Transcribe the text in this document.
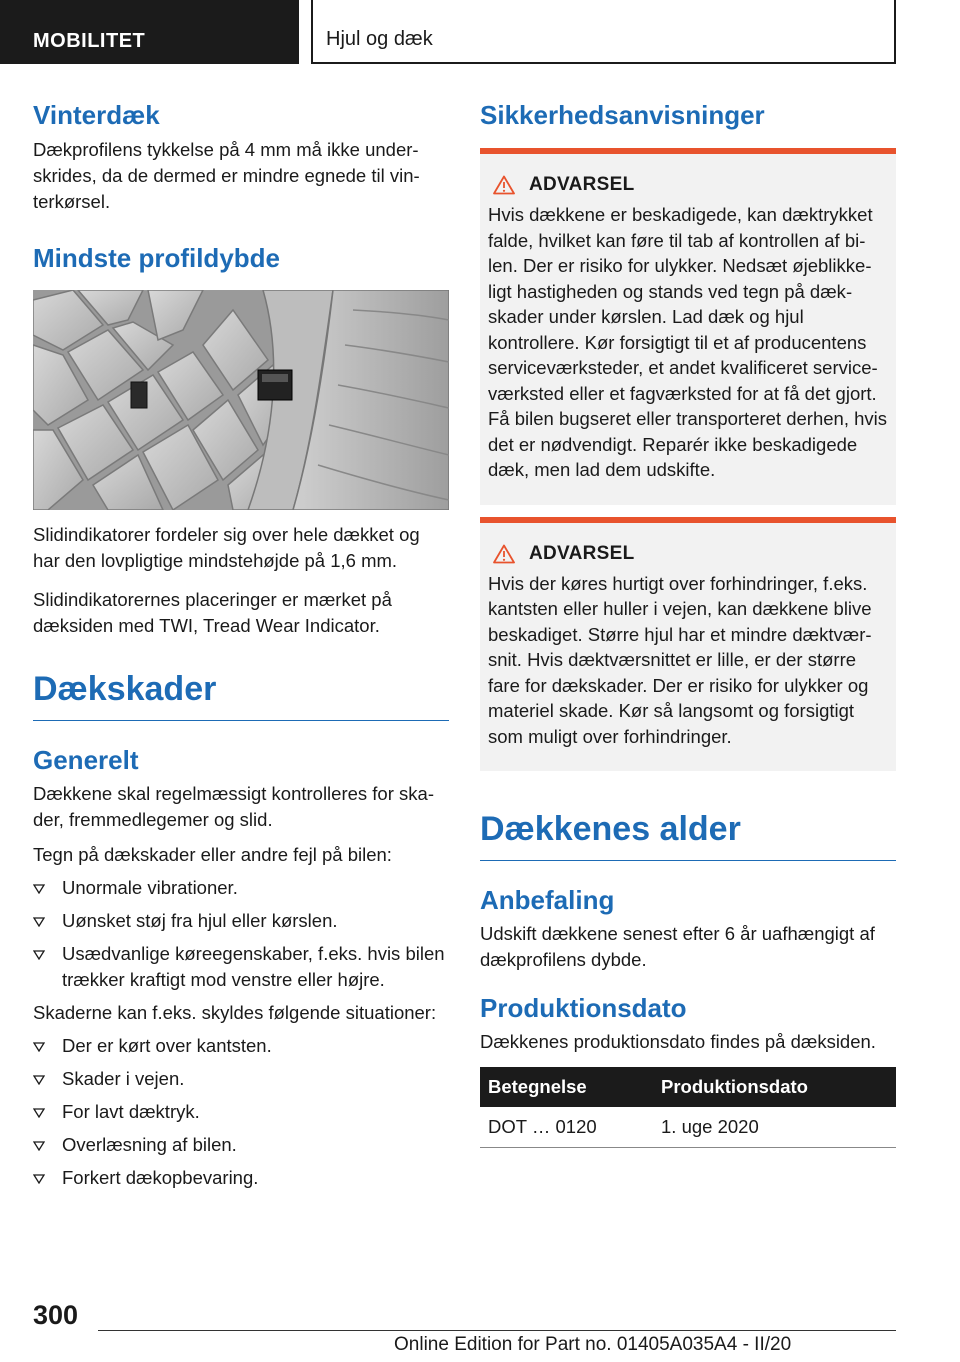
MOBILITET	Hjul og dæk
Vinterdæk

Dækprofilens tykkelse på 4 mm må ikke underskrides, da de dermed er mindre egnede til vinterkørsel.

Mindste profildybde

Slidindikatorer fordeler sig over hele dækket og har den lovpligtige mindstehøjde på 1,6 mm.

Slidindikatorernes placeringer er mærket på dæksiden med TWI, Tread Wear Indicator.

Dækskader
Generelt

Dækkene skal regelmæssigt kontrolleres for skader, fremmedlegemer og slid.

Tegn på dækskader eller andre fejl på bilen:

Unormale vibrationer.
Uønsket støj fra hjul eller kørslen.
Usædvanlige køreegenskaber, f.eks. hvis bilen trækker kraftigt mod venstre eller højre.

Skaderne kan f.eks. skyldes følgende situationer:

Der er kørt over kantsten.
Skader i vejen.
For lavt dæktryk.
Overlæsning af bilen.
Forkert dækopbevaring.
Sikkerhedsanvisninger
ADVARSEL

Hvis dækkene er beskadigede, kan dæktrykket falde, hvilket kan føre til tab af kontrollen af bilen. Der er risiko for ulykker. Nedsæt øjeblikkeligt hastigheden og stands ved tegn på dækskader under kørslen. Lad dæk og hjul kontrollere. Kør forsigtigt til et af producentens serviceværksteder, et andet kvalificeret serviceværksted eller et fagværksted for at få det gjort. Få bilen bugseret eller transporteret derhen, hvis det er nødvendigt. Reparér ikke beskadigede dæk, men lad dem udskifte.

ADVARSEL

Hvis der køres hurtigt over forhindringer, f.eks. kantsten eller huller i vejen, kan dækkene blive beskadiget. Større hjul har et mindre dæktværsnit. Hvis dæktværsnittet er lille, er der større fare for dækskader. Der er risiko for ulykker og materiel skade. Kør så langsomt og forsigtigt som muligt over forhindringer.

Dækkenes alder
Anbefaling

Udskift dækkene senest efter 6 år uafhængigt af dækprofilens dybde.

Produktionsdato

Dækkenes produktionsdato findes på dæksiden.

Betegnelse	Produktionsdato
DOT … 0120	1. uge 2020
300
Online Edition for Part no. 01405A035A4 - II/20
